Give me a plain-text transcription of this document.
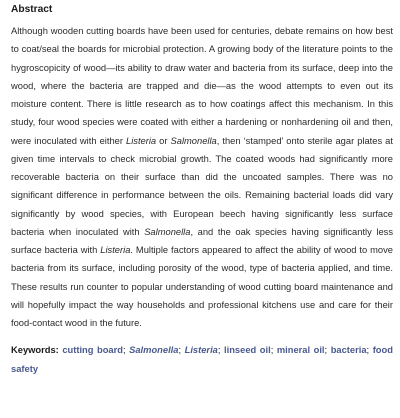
Abstract

Although wooden cutting boards have been used for centuries, debate remains on how best to coat/seal the boards for microbial protection. A growing body of the literature points to the hygroscopicity of wood—its ability to draw water and bacteria from its surface, deep into the wood, where the bacteria are trapped and die—as the wood attempts to even out its moisture content. There is little research as to how coatings affect this mechanism. In this study, four wood species were coated with either a hardening or nonhardening oil and then, were inoculated with either Listeria or Salmonella, then ‘stamped’ onto sterile agar plates at given time intervals to check microbial growth. The coated woods had significantly more recoverable bacteria on their surface than did the uncoated samples. There was no significant difference in performance between the oils. Remaining bacterial loads did vary significantly by wood species, with European beech having significantly less surface bacteria when inoculated with Salmonella, and the oak species having significantly less surface bacteria with Listeria. Multiple factors appeared to affect the ability of wood to move bacteria from its surface, including porosity of the wood, type of bacteria applied, and time. These results run counter to popular understanding of wood cutting board maintenance and will hopefully impact the way households and professional kitchens use and care for their food-contact wood in the future.

Keywords: cutting board; Salmonella; Listeria; linseed oil; mineral oil; bacteria; food safety
